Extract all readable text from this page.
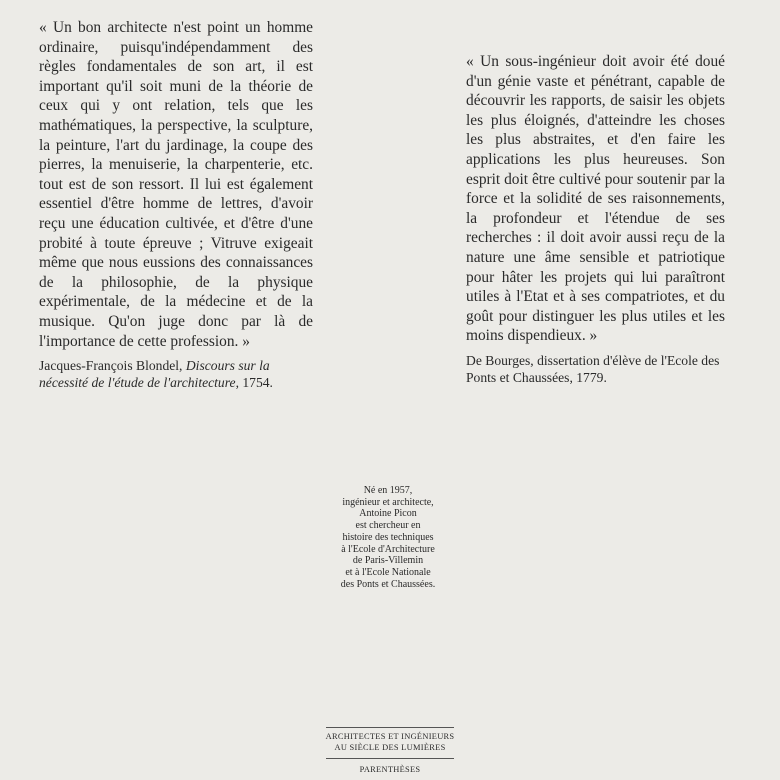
« Un bon architecte n'est point un homme ordinaire, puisqu'indépendamment des règles fondamentales de son art, il est important qu'il soit muni de la théorie de ceux qui y ont relation, tels que les mathématiques, la perspective, la sculpture, la peinture, l'art du jardinage, la coupe des pierres, la menuiserie, la charpenterie, etc. tout est de son ressort. Il lui est également essentiel d'être homme de lettres, d'avoir reçu une éducation cultivée, et d'être d'une probité à toute épreuve ; Vitruve exigeait même que nous eussions des connaissances de la philosophie, de la physique expérimentale, de la médecine et de la musique. Qu'on juge donc par là de l'importance de cette profession. »
Jacques-François Blondel, Discours sur la nécessité de l'étude de l'architecture, 1754.
« Un sous-ingénieur doit avoir été doué d'un génie vaste et pénétrant, capable de découvrir les rapports, de saisir les objets les plus éloignés, d'atteindre les choses les plus abstraites, et d'en faire les applications les plus heureuses. Son esprit doit être cultivé pour soutenir par la force et la solidité de ses raisonnements, la profondeur et l'étendue de ses recherches : il doit avoir aussi reçu de la nature une âme sensible et patriotique pour hâter les projets qui lui paraîtront utiles à l'Etat et à ses compatriotes, et du goût pour distinguer les plus utiles et les moins dispendieux. »
De Bourges, dissertation d'élève de l'Ecole des Ponts et Chaussées, 1779.
Né en 1957,
ingénieur et architecte,
Antoine Picon
est chercheur en
histoire des techniques
à l'Ecole d'Architecture
de Paris-Villemin
et à l'Ecole Nationale
des Ponts et Chaussées.
ARCHITECTES ET INGÉNIEURS
AU SIÈCLE DES LUMIÈRES
PARENTHÈSES
